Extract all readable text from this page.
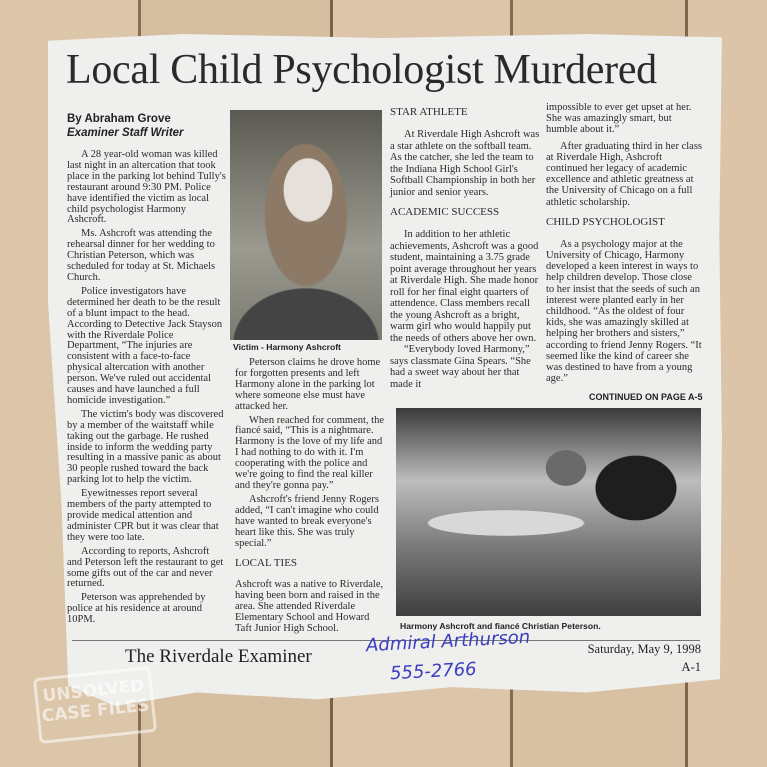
Local Child Psychologist Murdered
By Abraham Grove
Examiner Staff Writer

A 28 year-old woman was killed last night in an altercation that took place in the parking lot behind Tully's restaurant around 9:30 PM. Police have identified the victim as local child psychologist Harmony Ashcroft.

Ms. Ashcroft was attending the rehearsal dinner for her wedding to Christian Peterson, which was scheduled for today at St. Michaels Church.

Police investigators have determined her death to be the result of a blunt impact to the head. According to Detective Jack Stayson with the Riverdale Police Department, “The injuries are consistent with a face-to-face physical altercation with another person. We've ruled out accidental causes and have launched a full homicide investigation.”

The victim's body was discovered by a member of the waitstaff while taking out the garbage. He rushed inside to inform the wedding party resulting in a massive panic as about 30 people rushed toward the back parking lot to help the victim.

Eyewitnesses report several members of the party attempted to provide medical attention and administer CPR but it was clear that they were too late.

According to reports, Ashcroft and Peterson left the restaurant to get some gifts out of the car and never returned.

Peterson was apprehended by police at his residence at around 10PM.

Victim - Harmony Ashcroft

Peterson claims he drove home for forgotten presents and left Harmony alone in the parking lot where someone else must have attacked her.

When reached for comment, the fiancé said, “This is a nightmare. Harmony is the love of my life and I had nothing to do with it. I'm cooperating with the police and we're going to find the real killer and they're gonna pay.”

Ashcroft's friend Jenny Rogers added, “I can't imagine who could have wanted to break everyone's heart like this. She was truly special.”

LOCAL TIES

Ashcroft was a native to Riverdale, having been born and raised in the area. She attended Riverdale Elementary School and Howard Taft Junior High School.

STAR ATHLETE

At Riverdale High Ashcroft was a star athlete on the softball team. As the catcher, she led the team to the Indiana High School Girl's Softball Championship in both her junior and senior years.

ACADEMIC SUCCESS

In addition to her athletic achievements, Ashcroft was a good student, maintaining a 3.75 grade point average throughout her years at Riverdale High. She made honor roll for her final eight quarters of attendence. Class members recall the young Ashcroft as a bright, warm girl who would happily put the needs of others above her own.

“Everybody loved Harmony,” says classmate Gina Spears. “She had a sweet way about her that made it

impossible to ever get upset at her. She was amazingly smart, but humble about it.”

After graduating third in her class at Riverdale High, Ashcroft continued her legacy of academic excellence and athletic greatness at the University of Chicago on a full athletic scholarship.

CHILD PSYCHOLOGIST

As a psychology major at the University of Chicago, Harmony developed a keen interest in ways to help children develop. Those close to her insist that the seeds of such an interest were planted early in her childhood. “As the oldest of four kids, she was amazingly skilled at helping her brothers and sisters,” according to friend Jenny Rogers. “It seemed like the kind of career she was destined to have from a young age.”

CONTINUED ON PAGE A-5
Harmony Ashcroft and fiancé Christian Peterson.
The Riverdale Examiner	Saturday, May 9, 1998
A-1
Admiral Arthurson
555-2766
UNSOLVED CASE FILES
